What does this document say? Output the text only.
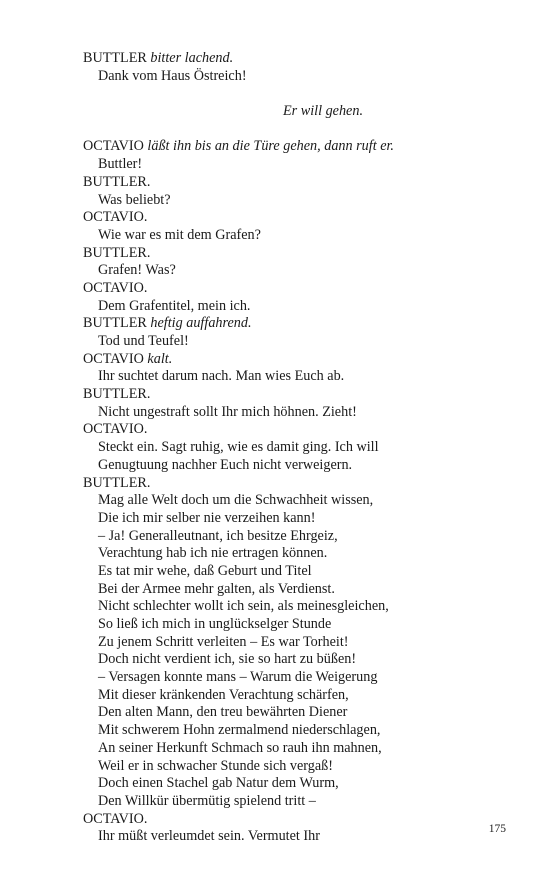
BUTTLER bitter lachend.
Dank vom Haus Östreich!
Er will gehen.
OCTAVIO läßt ihn bis an die Türe gehen, dann ruft er.
Buttler!
BUTTLER.
Was beliebt?
OCTAVIO.
Wie war es mit dem Grafen?
BUTTLER.
Grafen! Was?
OCTAVIO.
Dem Grafentitel, mein ich.
BUTTLER heftig auffahrend.
Tod und Teufel!
OCTAVIO kalt.
Ihr suchtet darum nach. Man wies Euch ab.
BUTTLER.
Nicht ungestraft sollt Ihr mich höhnen. Zieht!
OCTAVIO.
Steckt ein. Sagt ruhig, wie es damit ging. Ich will
Genugtuung nachher Euch nicht verweigern.
BUTTLER.
Mag alle Welt doch um die Schwachheit wissen,
Die ich mir selber nie verzeihen kann!
– Ja! Generalleutnant, ich besitze Ehrgeiz,
Verachtung hab ich nie ertragen können.
Es tat mir wehe, daß Geburt und Titel
Bei der Armee mehr galten, als Verdienst.
Nicht schlechter wollt ich sein, als meinesgleichen,
So ließ ich mich in unglückselger Stunde
Zu jenem Schritt verleiten – Es war Torheit!
Doch nicht verdient ich, sie so hart zu büßen!
– Versagen konnte mans – Warum die Weigerung
Mit dieser kränkenden Verachtung schärfen,
Den alten Mann, den treu bewährten Diener
Mit schwerem Hohn zermalmend niederschlagen,
An seiner Herkunft Schmach so rauh ihn mahnen,
Weil er in schwacher Stunde sich vergaß!
Doch einen Stachel gab Natur dem Wurm,
Den Willkür übermütig spielend tritt –
OCTAVIO.
Ihr müßt verleumdet sein. Vermutet Ihr	175
